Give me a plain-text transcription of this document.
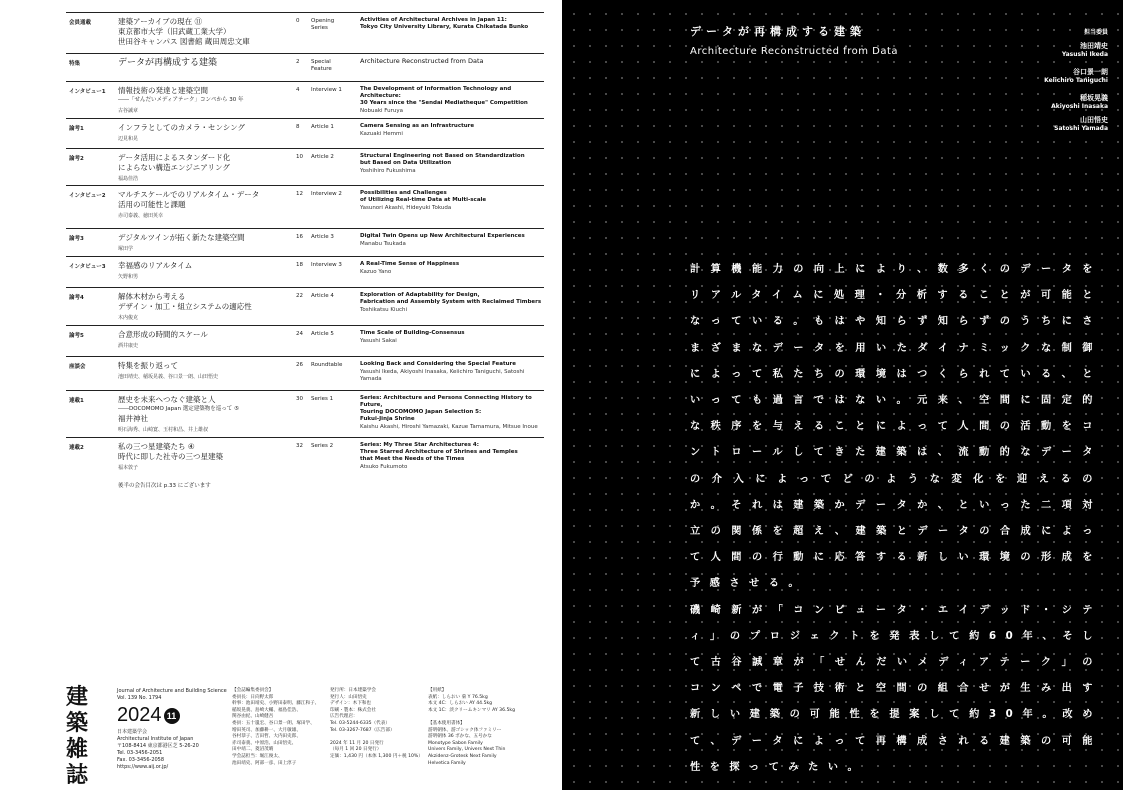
会員通載	建築アーカイブの現在 ⑪
東京都市大学（旧武蔵工業大学）
世田谷キャンパス 図書館 蔵田周忠文庫
0 Opening
Series
Activities of Architectural Archives in Japan 11:
Tokyo City University Library, Kurata Chikatada Bunko
特集	データが再構成する建築	2 Special
Feature
Architecture Reconstructed from Data
インタビュー1 情報技術の発達と建築空間
――「せんだいメディアテーク」コンペから 30 年
古谷誠章
4 Interview 1	The Development of Information Technology and Architecture:
30 Years since the "Sendai Mediatheque" Competition
Nobuaki Furuya
論考1	インフラとしてのカメラ・センシング
辺見和晃
8 Article 1	Camera Sensing as an Infrastructure
Kazuaki Hemmi
論考2	データ活用によるスタンダード化
によらない構造エンジニアリング
福島佳浩
10 Article 2	Structural Engineering not Based on Standardization
but Based on Data Utilization
Yoshihiro Fukushima
インタビュー2 マルチスケールでのリアルタイム・データ
活用の可能性と課題
赤司泰義、徳田英幸
12 Interview 2	Possibilities and Challenges
of Utilizing Real-time Data at Multi-scale
Yasunori Akashi, Hideyuki Tokuda
論考3	デジタルツインが拓く新たな建築空間
塚田学
16 Article 3	Digital Twin Opens up New Architectural Experiences
Manabu Tsukada
インタビュー3 幸福感のリアルタイム
矢野和男
18 Interview 3	A Real-Time Sense of Happiness
Kazuo Yano
論考4	解体木材から考える
デザイン・加工・組立システムの適応性
木内俊克
22 Article 4	Exploration of Adaptability for Design,
Fabrication and Assembly System with Reclaimed Timbers
Toshikatsu Kiuchi
論考5	合意形成の時間的スケール
酒井康史
24 Article 5	Time Scale of Building-Consensus
Yasushi Sakai
座談会	特集を振り返って
池田靖史、稲坂晃義、谷口景一朗、山田悟史
26 Roundtable	Looking Back and Considering the Special Feature
Yasushi Ikeda, Akiyoshi Inasaka, Keiichiro Taniguchi, Satoshi Yamada
連載1	歴史を未来へつなぐ建築と人
――DOCOMOMO Japan 選定建築物を巡って ⑤
福井神社
明石海秀、山崎寛、玉村和昌、井上雄叔
30 Series 1	Series: Architecture and Persons Connecting History to Future,
Touring DOCOMOMO Japan Selection 5:
Fukui-Jinja Shrine
Kaishu Akashi, Hiroshi Yamazaki, Kazue Tamamura, Mitsue Inoue
連載2	私の三つ星建築たち ④
時代に即した社寺の三つ星建築
福本敦子
32 Series 2	Series: My Three Star Architectures 4:
Three Starred Architecture of Shrines and Temples
that Meet the Needs of the Times
Atsuko Fukumoto
後半の会告目次は p.33 にございます
建
築
雑
誌
Journal of Architecture and Building Science
Vol. 139 No. 1794
2024 11
日本建築学会
Architectural Institute of Japan
〒108-8414 東京都港区芝 5-26-20
Tel. 03-3456-2051
Fax. 03-3456-2058
https://www.aij.or.jp/
【会誌編集委員会】
委員長：日向野太郎
幹事：池田靖史、小野田泰明、藤江和子、
稲坂晃義、島崎大輔、福島佳浩、
関谷由紀、山崎健吾
委員：五十嵐宏、谷口景一朗、塚田学、
増田英司、加藤耕一、大月敏雄、
谷村恭子、吉田哲、大内田史郎、
赤司泰義、中原浩、山田悟史、
田中靖二、菱沼茂晴
学会誌担当：堀江俊太、
池田靖史、阿部一彦、田上淳子
発行所：日本建築学会
発行人：山田悟史
デザイン：木下和也
印刷・製本：株式会社
広告代理店：
Tel. 03-5244-6335（代表）
Tel. 03-3267-7687（広告部）

2024 年 11 月 20 日発行
（毎月 1 回 20 日発行）
定価：1,430 円（本体 1,300 円＋税 10%）
【用紙】
表紙：しらおい 菊 Y 76.5kg
本文 4C：しらおい AY 44.5kg
本文 1C：淡クリームキンマリ AY 36.5kg

【基本使用書体】
游明朝体、游ゴシック体ファミリー
游明朝体 36 ポかな、五号かな
Monotype Sabon Family
Univers Family, Univers Next Thin
Akzidenz-Grotesk Next Family
Helvetica Family
データが再構成する建築
Architecture Reconstructed from Data
担当委員
池田靖史
Yasushi Ikeda
谷口景一朗
Keiichiro Taniguchi
稲坂晃義
Akiyoshi Inasaka
山田悟史
Satoshi Yamada

計算機能力の向上により、数多くのデータをリアルタイムに処理・分析することが可能となっている。もはや知らず知らずのうちにさまざまなデータを用いたダイナミックな制御によって私たちの環境はつくられている、といっても過言ではない。元来、空間に固定的な秩序を与えることによって人間の活動をコントロールしてきた建築は、流動的なデータの介入によってどのような変化を迎えるのか。それは建築かデータか、といった二項対立の関係を超え、建築とデータの合成によって人間の行動に応答する新しい環境の形成を予感させる。

磯崎新が「コンピュータ・エイデッド・シティ」のプロジェクトを発表して約60年、そして古谷誠章が「せんだいメディアテーク」のコンペで電子技術と空間の組合せが生み出す新しい建築の可能性を提案して約30年。改めて、データによって再構成される建築の可能性を探ってみたい。
